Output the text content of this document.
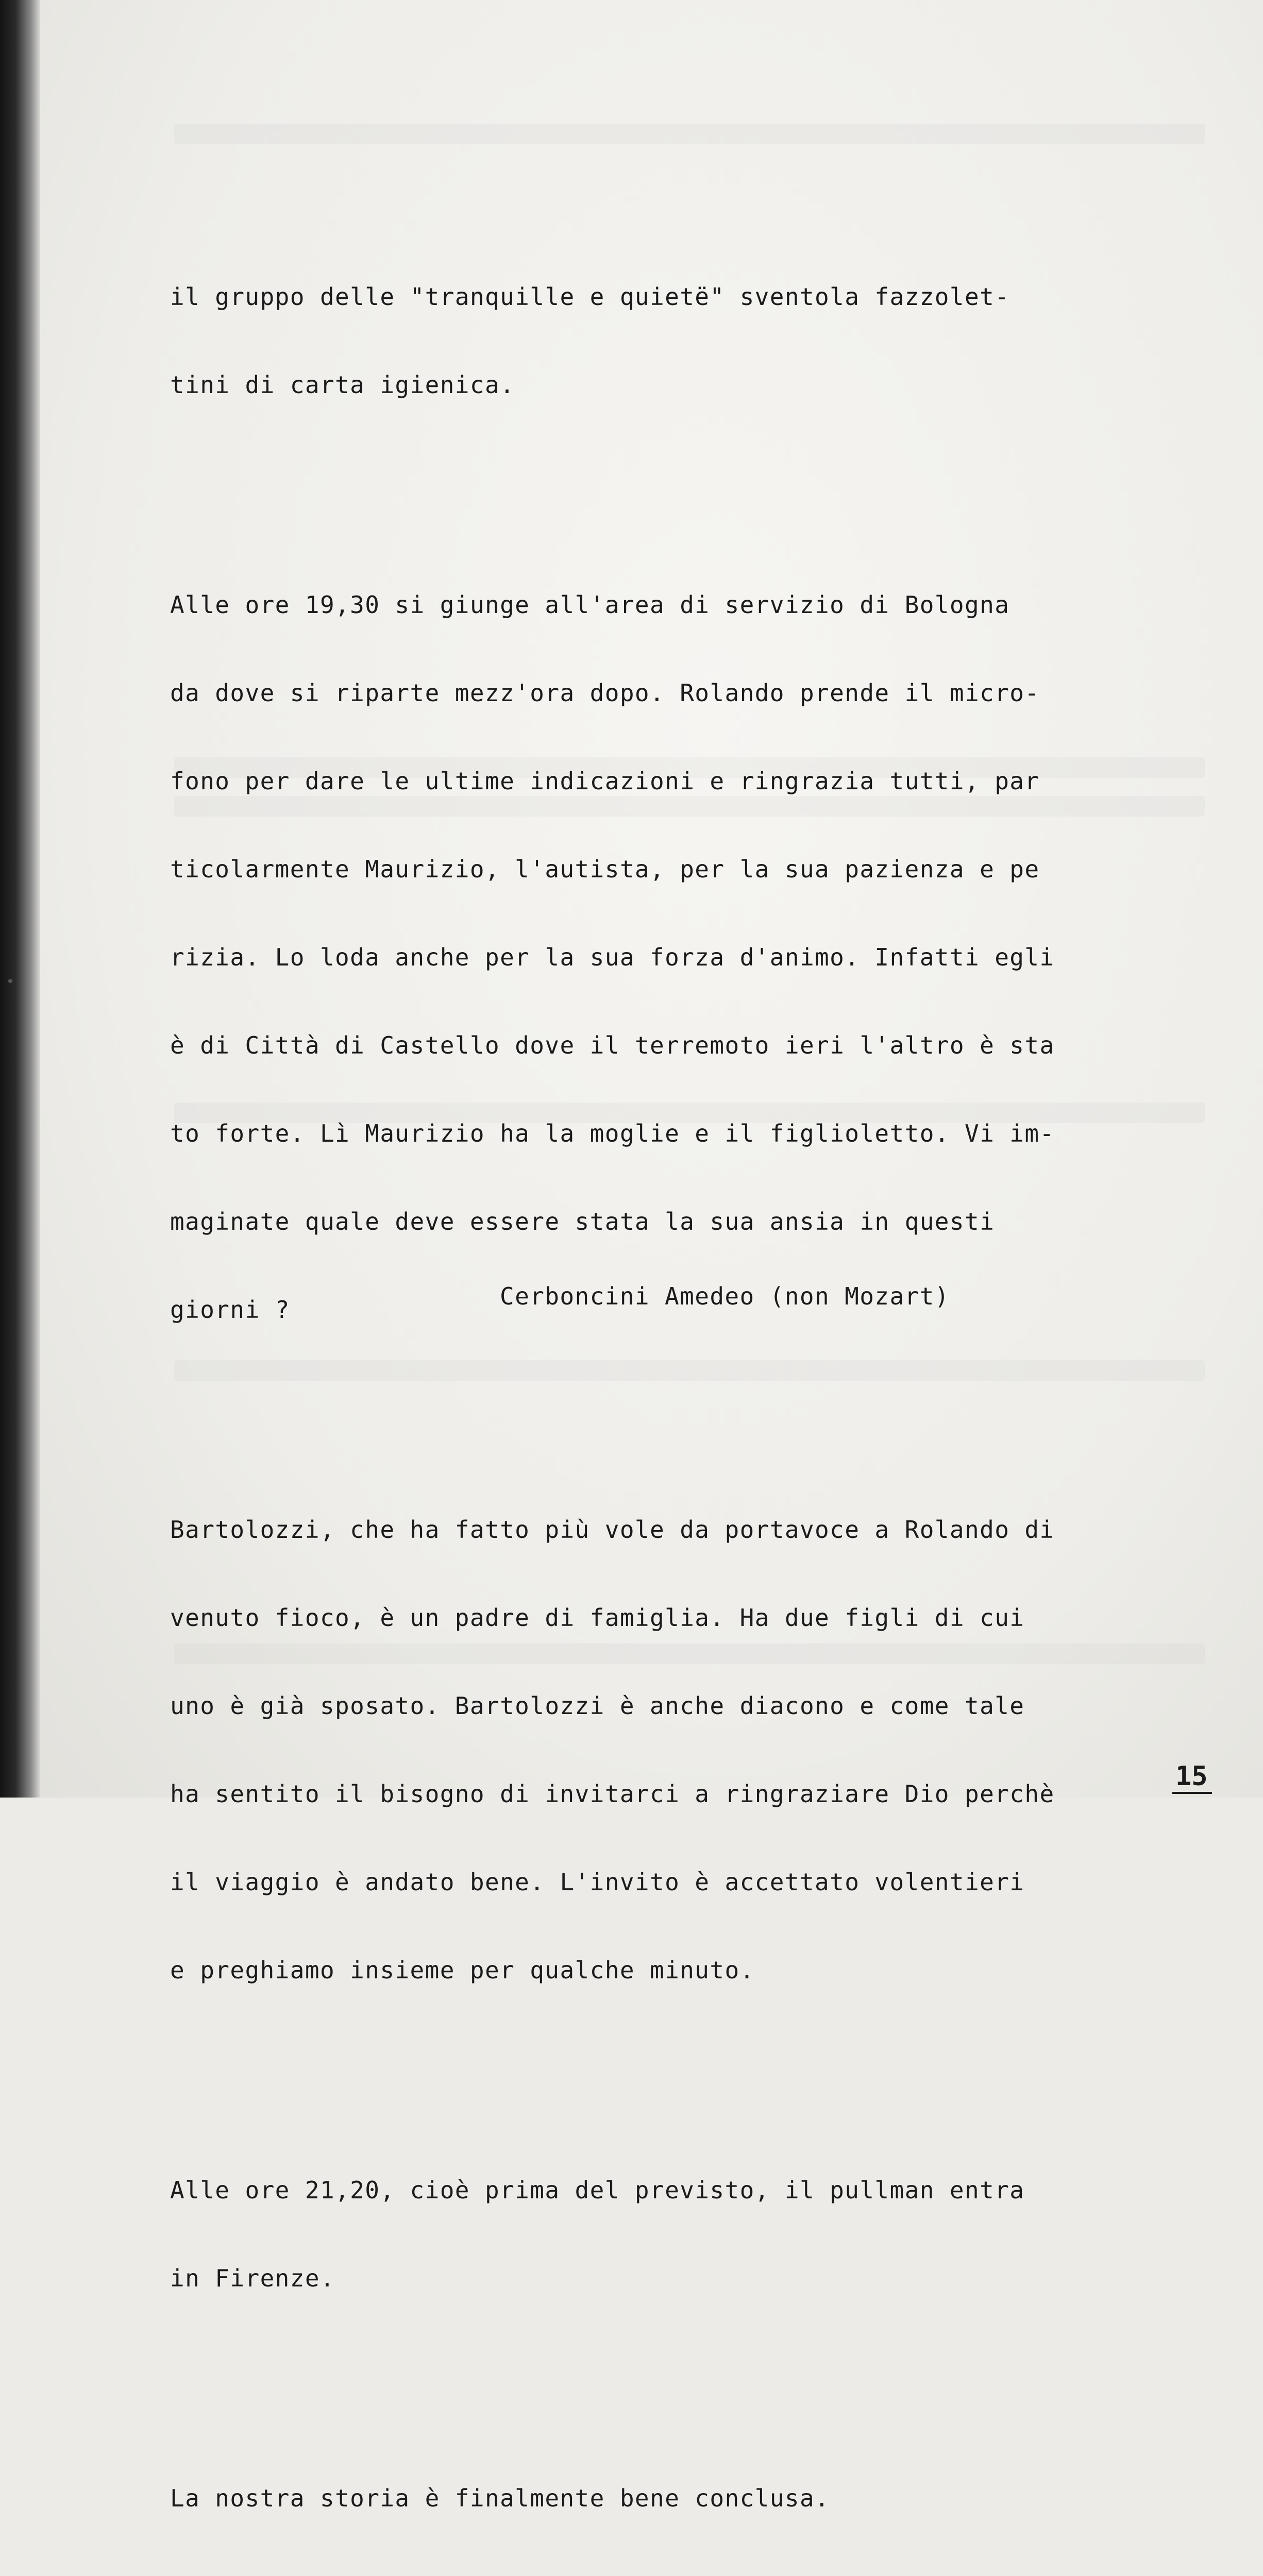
il gruppo delle "tranquille e quietë" sventola fazzolet-

tini di carta igienica.

Alle ore 19,30 si giunge all'area di servizio di Bologna

da dove si riparte mezz'ora dopo. Rolando prende il micro-

fono per dare le ultime indicazioni e ringrazia tutti, par

ticolarmente Maurizio, l'autista, per la sua pazienza e pe

rizia. Lo loda anche per la sua forza d'animo. Infatti egli

è di Città di Castello dove il terremoto ieri l'altro è sta

to forte. Lì Maurizio ha la moglie e il figlioletto. Vi im-

maginate quale deve essere stata la sua ansia in questi

giorni ?

Bartolozzi, che ha fatto più vole da portavoce a Rolando di

venuto fioco, è un padre di famiglia. Ha due figli di cui

uno è già sposato. Bartolozzi è anche diacono e come tale

ha sentito il bisogno di invitarci a ringraziare Dio perchè

il viaggio è andato bene. L'invito è accettato volentieri

e preghiamo insieme per qualche minuto.

Alle ore 21,20, cioè prima del previsto, il pullman entra

in Firenze.

La nostra storia è finalmente bene conclusa.

Cerboncini Amedeo (non Mozart)
15
